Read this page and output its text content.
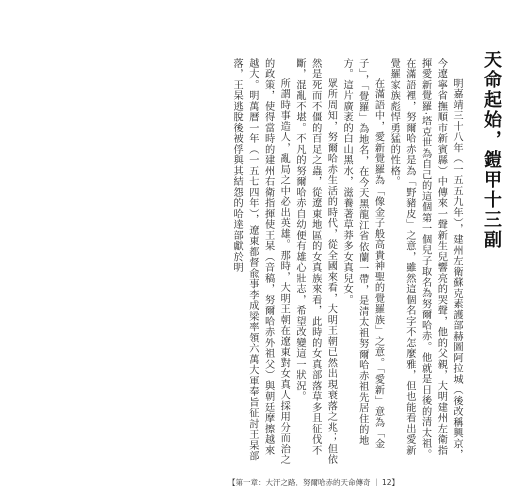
天命起始，鎧甲十三副

明嘉靖三十八年（一五五九年），建州左衛蘇克素護部赫圖阿拉城（後改稱興京，今遼寧省撫順市新賓縣）中傳來一聲新生兒響亮的哭聲，他的父親，大明建州左衛指揮愛新覺羅·塔克世為自己的這個第一個兒子取名為努爾哈赤。他就是日後的清太祖。在滿語裡，努爾哈赤是為「野豬皮」之意，雖然這個名字不怎麼雅，但也能看出愛新覺羅家族彪悍勇猛的性格。

在滿語中，愛新覺羅為「像金子般高貴神聖的覺羅族」之意。「愛新」意為「金子」，「覺羅」為地名，在今天黑龍江省依蘭一帶，是清太祖努爾哈赤祖先居住的地方。這片廣袤的白山黑水，滋養著草莽多女真兒女。

眾所周知，努爾哈赤生活的時代，從全國來看，大明王朝已然出現衰落之兆；但依然是死而不僵的百足之蟲，從遼東地區的女真族來看，此時的女真部落草多且征伐不斷，混亂不堪。不凡的努爾哈赤自幼便有雄心壯志，希望改變這一狀況。

所謂時事造人，亂局之中必出英雄。那時，大明王朝在遼東對女真人採用分而治之的政策，使得當時的建州右衛指揮使王杲（音稿，努爾哈赤外祖父）與朝廷摩擦越來越大。明萬曆一年（一五七四年），遼東都督兪事李成梁率領六萬大軍奉旨征討王杲部落，王杲逃脫後被俘與其結怨的哈達部獻於明

【第一章：大汗之路．努爾哈赤的天命傳奇 ｜ 12】
